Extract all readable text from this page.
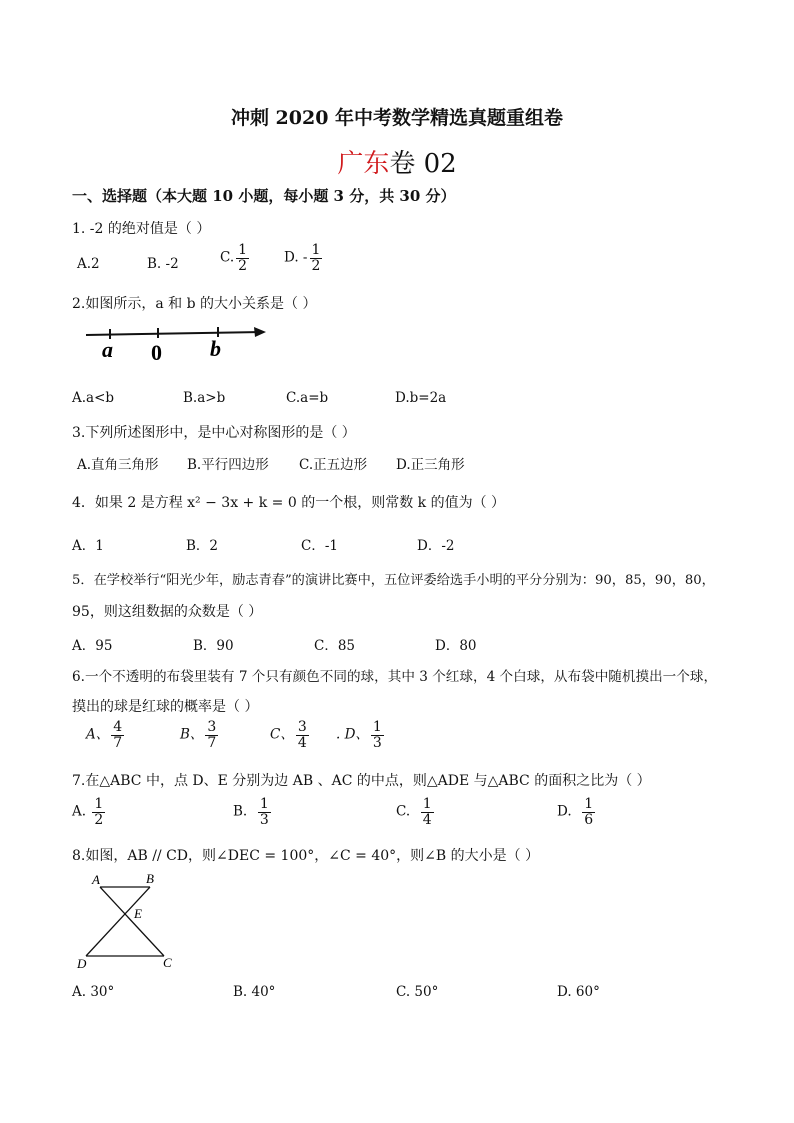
冲刺 2020 年中考数学精选真题重组卷
广东卷 02
一、选择题（本大题 10 小题，每小题 3 分，共 30 分）
1. -2 的绝对值是（ ）
A.2	B. -2	C. $\frac{1}{2}$	D. - $\frac{1}{2}$
2.如图所示，a 和 b 的大小关系是（ ）
a 0 b
A.a<b	B.a>b	C.a=b	D.b=2a
3.下列所述图形中，是中心对称图形的是（ ）
A.直角三角形 B.平行四边形 C.正五边形 D.正三角形
4．如果 2 是方程 x² − 3x + k = 0 的一个根，则常数 k 的值为（ ）
A．1	B．2	C．-1	D．-2
5．在学校举行“阳光少年，励志青春”的演讲比赛中，五位评委给选手小明的平分分别为：90，85，90，80，
95，则这组数据的众数是（ ）
A．95	B．90	C．85	D．80
6.一个不透明的布袋里装有 7 个只有颜色不同的球，其中 3 个红球，4 个白球，从布袋中随机摸出一个球，
摸出的球是红球的概率是（ ）
A、 $\frac{4}{7}$	B、 $\frac{3}{7}$	C、 $\frac{3}{4}$ . D、 $\frac{1}{3}$
7.在△ABC 中，点 D、E 分别为边 AB 、AC 的中点，则△ADE 与△ABC 的面积之比为（ ）
A. $\frac{1}{2}$	B. $\frac{1}{3}$	C. $\frac{1}{4}$	D. $\frac{1}{6}$
8.如图，AB // CD，则∠DEC = 100°，∠C = 40°，则∠B 的大小是（ ）
A	B
E
D	C
A. 30°	B. 40°	C. 50°	D. 60°
